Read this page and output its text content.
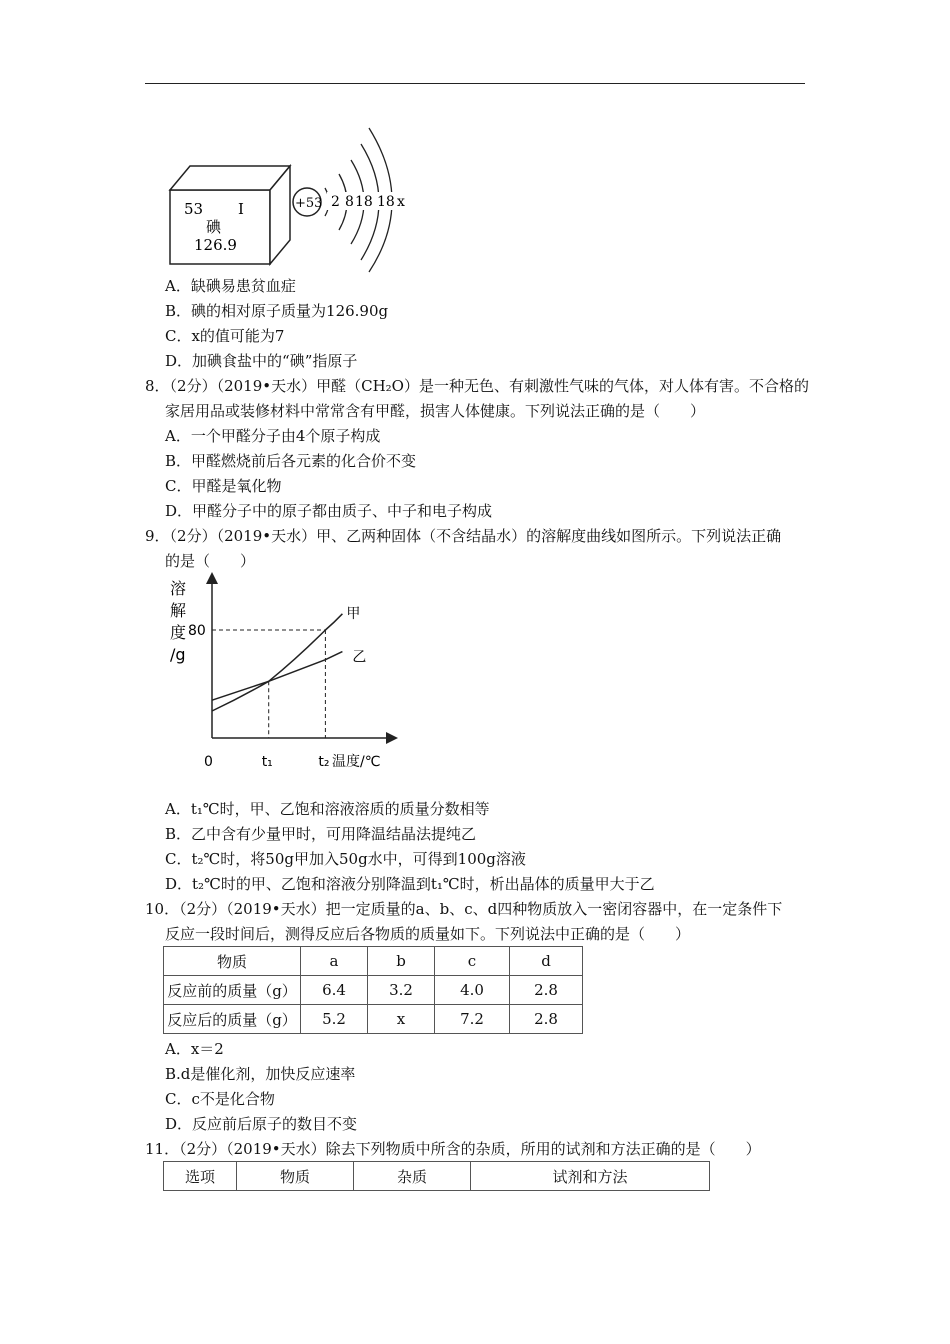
53 I
碘
126.9
+53 2 8 18 18 x
A．缺碘易患贫血症
B．碘的相对原子质量为126.90g
C．x的值可能为7
D．加碘食盐中的“碘”指原子
8．（2分）（2019•天水）甲醛（CH₂O）是一种无色、有刺激性气味的气体，对人体有害。不合格的
家居用品或装修材料中常常含有甲醛，损害人体健康。下列说法正确的是（　　）
A．一个甲醛分子由4个原子构成
B．甲醛燃烧前后各元素的化合价不变
C．甲醛是氧化物
D．甲醛分子中的原子都由质子、中子和电子构成
9．（2分）（2019•天水）甲、乙两种固体（不含结晶水）的溶解度曲线如图所示。下列说法正确
的是（　　）
溶
解
度
/g
0	t₁	t₂
80
温度/℃
甲
乙
A．t₁℃时，甲、乙饱和溶液溶质的质量分数相等
B．乙中含有少量甲时，可用降温结晶法提纯乙
C．t₂℃时，将50g甲加入50g水中，可得到100g溶液
D．t₂℃时的甲、乙饱和溶液分别降温到t₁℃时，析出晶体的质量甲大于乙
10．（2分）（2019•天水）把一定质量的a、b、c、d四种物质放入一密闭容器中，在一定条件下
反应一段时间后，测得反应后各物质的质量如下。下列说法中正确的是（　　）
物质	a	b	c	d
反应前的质量（g）	6.4	3.2	4.0	2.8
反应后的质量（g）	5.2	x	7.2	2.8
A．x＝2
B.d是催化剂，加快反应速率
C．c不是化合物
D．反应前后原子的数目不变
11．（2分）（2019•天水）除去下列物质中所含的杂质，所用的试剂和方法正确的是（　　）
选项	物质	杂质	试剂和方法
